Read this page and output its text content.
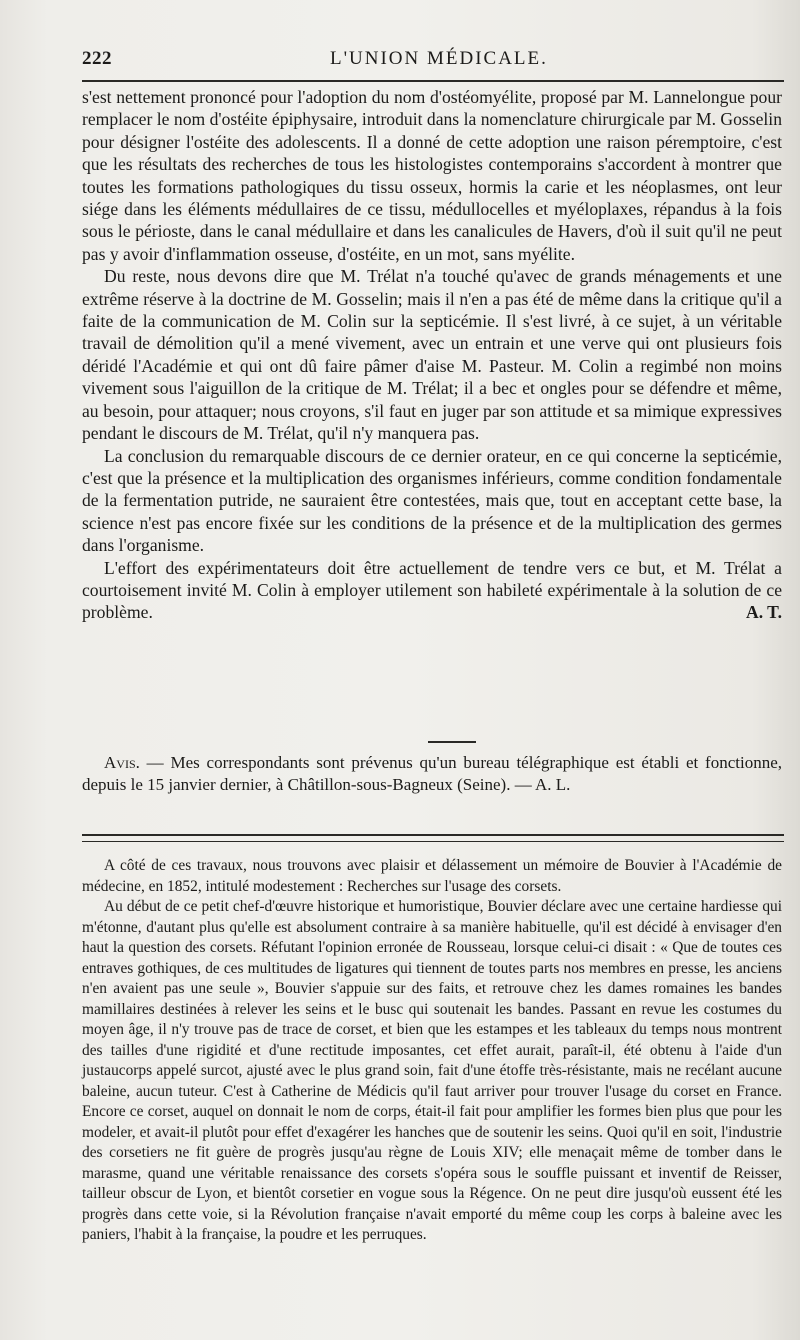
222	L'UNION MÉDICALE.

s'est nettement prononcé pour l'adoption du nom d'ostéomyélite, proposé par M. Lannelongue pour remplacer le nom d'ostéite épiphysaire, introduit dans la nomenclature chirurgicale par M. Gosselin pour désigner l'ostéite des adolescents. Il a donné de cette adoption une raison péremptoire, c'est que les résultats des recherches de tous les histologistes contemporains s'accordent à montrer que toutes les formations pathologiques du tissu osseux, hormis la carie et les néoplasmes, ont leur siége dans les éléments médullaires de ce tissu, médullocelles et myéloplaxes, répandus à la fois sous le périoste, dans le canal médullaire et dans les canalicules de Havers, d'où il suit qu'il ne peut pas y avoir d'inflammation osseuse, d'ostéite, en un mot, sans myélite.

Du reste, nous devons dire que M. Trélat n'a touché qu'avec de grands ménagements et une extrême réserve à la doctrine de M. Gosselin; mais il n'en a pas été de même dans la critique qu'il a faite de la communication de M. Colin sur la septicémie. Il s'est livré, à ce sujet, à un véritable travail de démolition qu'il a mené vivement, avec un entrain et une verve qui ont plusieurs fois déridé l'Académie et qui ont dû faire pâmer d'aise M. Pasteur. M. Colin a regimbé non moins vivement sous l'aiguillon de la critique de M. Trélat; il a bec et ongles pour se défendre et même, au besoin, pour attaquer; nous croyons, s'il faut en juger par son attitude et sa mimique expressives pendant le discours de M. Trélat, qu'il n'y manquera pas.

La conclusion du remarquable discours de ce dernier orateur, en ce qui concerne la septicémie, c'est que la présence et la multiplication des organismes inférieurs, comme condition fondamentale de la fermentation putride, ne sauraient être contestées, mais que, tout en acceptant cette base, la science n'est pas encore fixée sur les conditions de la présence et de la multiplication des germes dans l'organisme.

L'effort des expérimentateurs doit être actuellement de tendre vers ce but, et M. Trélat a courtoisement invité M. Colin à employer utilement son habileté expérimentale à la solution de ce problème.	A. T.

Avis. — Mes correspondants sont prévenus qu'un bureau télégraphique est établi et fonctionne, depuis le 15 janvier dernier, à Châtillon-sous-Bagneux (Seine). — A. L.

A côté de ces travaux, nous trouvons avec plaisir et délassement un mémoire de Bouvier à l'Académie de médecine, en 1852, intitulé modestement : Recherches sur l'usage des corsets.

Au début de ce petit chef-d'œuvre historique et humoristique, Bouvier déclare avec une certaine hardiesse qui m'étonne, d'autant plus qu'elle est absolument contraire à sa manière habituelle, qu'il est décidé à envisager d'en haut la question des corsets. Réfutant l'opinion erronée de Rousseau, lorsque celui-ci disait : « Que de toutes ces entraves gothiques, de ces multitudes de ligatures qui tiennent de toutes parts nos membres en presse, les anciens n'en avaient pas une seule », Bouvier s'appuie sur des faits, et retrouve chez les dames romaines les bandes mamillaires destinées à relever les seins et le busc qui soutenait les bandes. Passant en revue les costumes du moyen âge, il n'y trouve pas de trace de corset, et bien que les estampes et les tableaux du temps nous montrent des tailles d'une rigidité et d'une rectitude imposantes, cet effet aurait, paraît-il, été obtenu à l'aide d'un justaucorps appelé surcot, ajusté avec le plus grand soin, fait d'une étoffe très-résistante, mais ne recélant aucune baleine, aucun tuteur. C'est à Catherine de Médicis qu'il faut arriver pour trouver l'usage du corset en France. Encore ce corset, auquel on donnait le nom de corps, était-il fait pour amplifier les formes bien plus que pour les modeler, et avait-il plutôt pour effet d'exagérer les hanches que de soutenir les seins. Quoi qu'il en soit, l'industrie des corsetiers ne fit guère de progrès jusqu'au règne de Louis XIV; elle menaçait même de tomber dans le marasme, quand une véritable renaissance des corsets s'opéra sous le souffle puissant et inventif de Reisser, tailleur obscur de Lyon, et bientôt corsetier en vogue sous la Régence. On ne peut dire jusqu'où eussent été les progrès dans cette voie, si la Révolution française n'avait emporté du même coup les corps à baleine avec les paniers, l'habit à la française, la poudre et les perruques.
